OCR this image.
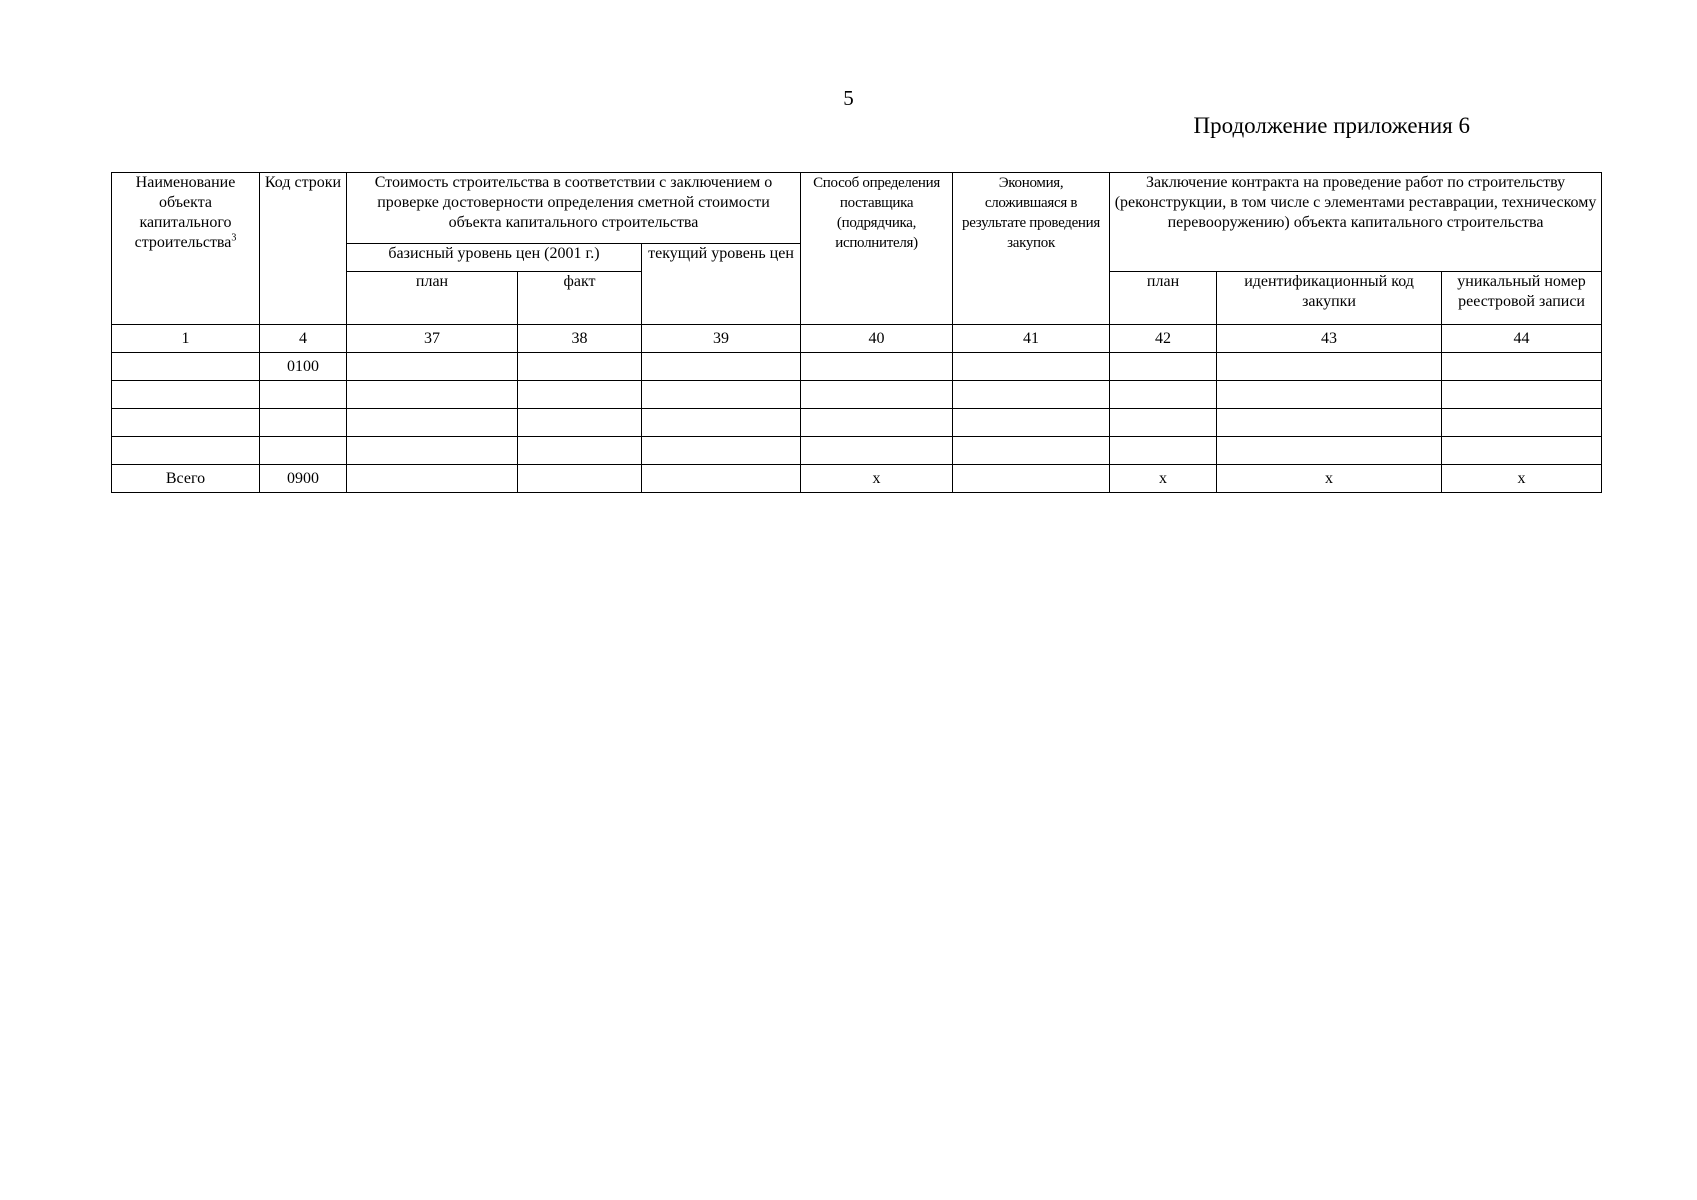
5
Продолжение приложения 6
Наименование объекта капитального строительства$^3$	Код строки	Стоимость строительства в соответствии с заключением о проверке достоверности определения сметной стоимости объекта капитального строительства			Способ определения поставщика (подрядчика, исполнителя)	Экономия, сложившаяся в результате проведения закупок	Заключение контракта на проведение работ по строительству (реконструкции, в том числе с элементами реставрации, техническому перевооружению) объекта капитального строительства		
		базисный уровень цен (2001 г.)		текущий уровень цен					
		план	факт				план	идентификационный код закупки	уникальный номер реестровой записи
1	4	37	38	39	40	41	42	43	44
	0100								

Всего	0900				х		х	х	х
